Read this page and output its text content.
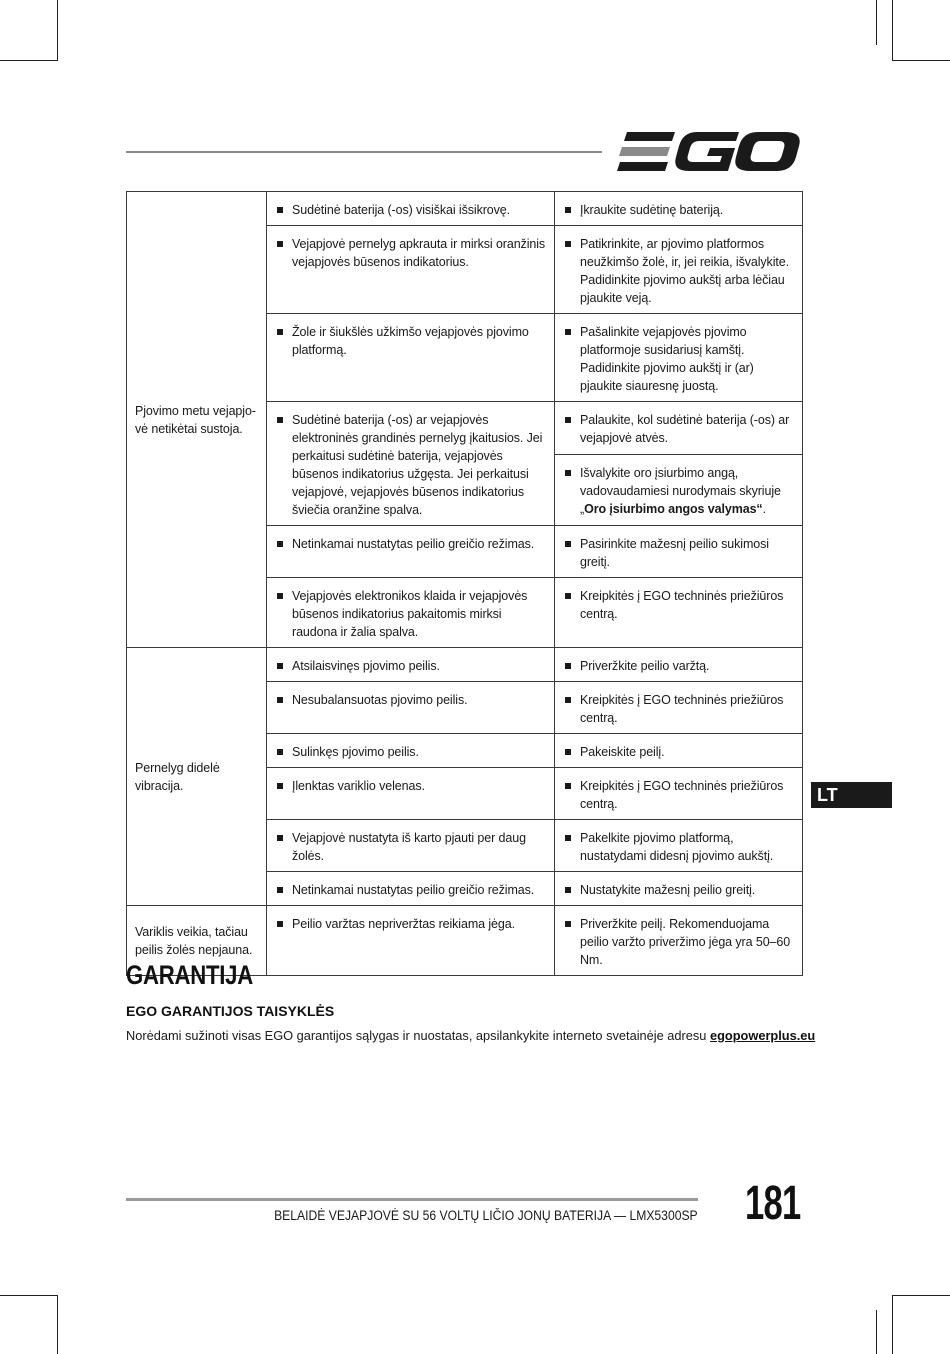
Pjovimo metu vejapjo-vė netikėtai sustoja.	Sudėtinė baterija (-os) visiškai išsikrovę.	Įkraukite sudėtinę bateriją.

	Vejapjovė pernelyg apkrauta ir mirksi oranžinis vejapjovės būsenos indikatorius.	Patikrinkite, ar pjovimo platformos neužkimšo žolė, ir, jei reikia, išvalykite. Padidinkite pjovimo aukštį arba lėčiau pjaukite veją.

	Žole ir šiukšlės užkimšo vejapjovės pjovimo platformą.	Pašalinkite vejapjovės pjovimo platformoje susidariusį kamštį. Padidinkite pjovimo aukštį ir (ar) pjaukite siauresnę juostą.

	Sudėtinė baterija (-os) ar vejapjovės elektroninės grandinės pernelyg įkaitusios. Jei perkaitusi sudėtinė baterija, vejapjovės būsenos indikatorius užgęsta. Jei perkaitusi vejapjovė, vejapjovės būsenos indikatorius šviečia oranžine spalva.	Palaukite, kol sudėtinė baterija (-os) ar vejapjovė atvės.

		Išvalykite oro įsiurbimo angą, vadovaudamiesi nurodymais skyriuje „Oro įsiurbimo angos valymas“.

	Netinkamai nustatytas peilio greičio režimas.	Pasirinkite mažesnį peilio sukimosi greitį.

	Vejapjovės elektronikos klaida ir vejapjovės būsenos indikatorius pakaitomis mirksi raudona ir žalia spalva.	Kreipkitės į EGO techninės priežiūros centrą.

Pernelyg didelė vibracija.	Atsilaisvinęs pjovimo peilis.	Priveržkite peilio varžtą.

	Nesubalansuotas pjovimo peilis.	Kreipkitės į EGO techninės priežiūros centrą.

	Sulinkęs pjovimo peilis.	Pakeiskite peilį.

	Įlenktas variklio velenas.	Kreipkitės į EGO techninės priežiūros centrą.

	Vejapjovė nustatyta iš karto pjauti per daug žolės.	Pakelkite pjovimo platformą, nustatydami didesnį pjovimo aukštį.

	Netinkamai nustatytas peilio greičio režimas.	Nustatykite mažesnį peilio greitį.

Variklis veikia, tačiau peilis žolės nepjauna.	Peilio varžtas nepriveržtas reikiama jėga.	Priveržkite peilį. Rekomenduojama peilio varžto priveržimo jėga yra 50–60 Nm.
LT
GARANTIJA
EGO GARANTIJOS TAISYKLĖS
Norėdami sužinoti visas EGO garantijos sąlygas ir nuostatas, apsilankykite interneto svetainėje adresu egopowerplus.eu
BELAIDĖ VEJAPJOVĖ SU 56 VOLTŲ LIČIO JONŲ BATERIJA — LMX5300SP 181
